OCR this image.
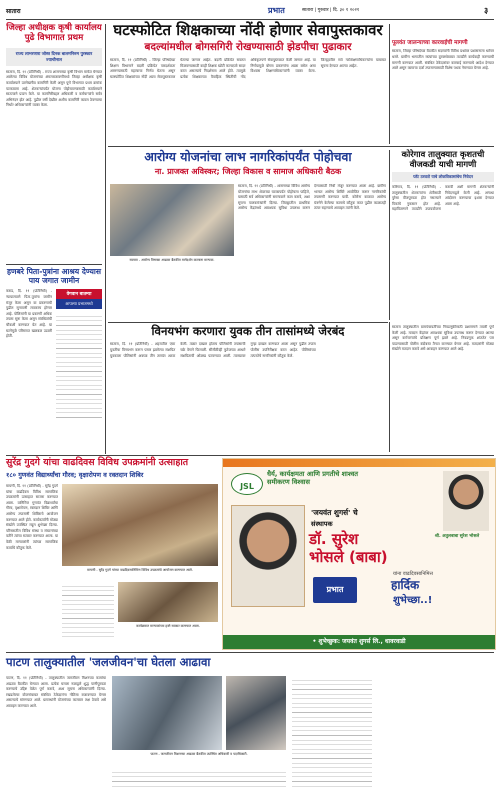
सातारा	प्रभात	सातारा | गुरुवार | दि. ३० १ २०२१	३
जिल्हा अधीक्षक कृषी कार्यालय पुढे विभागात प्रथम
राज्य लाभरणारा जोस्त दिनक बालमनिरुम पुरस्कार ज्याचीनाल
सातारा, दि. ११ (प्रतिनिधी) - राज्य शासनाच्या कृषी विभाग मार्फत घेण्यात आलेल्या विविध योजनांच्या अंमलबजावणीमध्ये जिल्हा अधीक्षक कृषी कार्यालयाने उल्लेखनीय कामगिरी केली असून पुणे विभागात प्रथम क्रमांक पटकावला आहे. शेतकऱ्यांपर्यंत योजना पोहोचवण्यासाठी कार्यालयाने सातत्याने प्रयत्न केले. या कामगिरीबद्दल अधिकारी व कर्मचाऱ्यांचे सर्वत्र अभिनंदन होत आहे. पुढील वर्षी देखील अशीच कामगिरी कायम ठेवण्याचा निर्धार अधिकाऱ्यांनी व्यक्त केला.
हणबरे पिता-पुत्रांना आश्रय देण्यास पाय जगात जामीन
कराड, दि. ११ (प्रतिनिधी) - न्यायालयाने पिता-पुत्रांना जामीन मंजूर केला असून या प्रकरणाची पुढील सुनावणी लवकरच होणार आहे. पोलिसांनी या प्रकरणी अधिक तपास सुरू केला असून संबंधितांची चौकशी करण्यात येत आहे. या घटनेमुळे परिसरात खळबळ उडाली होती.
वेगवान बातम्या
आपल्या प्रभातमध्ये
घटस्फोटित शिक्षकाच्या नोंदी होणार सेवापुस्तकावर
बदल्यांमधील बोगसगिरी रोखण्यासाठी झेडपीचा पुढाकार
सातारा, दि. ११ (प्रतिनिधी) - जिल्हा परिषदेच्या शिक्षण विभागाने बदली प्रक्रियेत पारदर्शकता आणण्यासाठी महत्त्वाचा निर्णय घेतला असून घटस्फोटित शिक्षकांच्या नोंदी आता सेवापुस्तकावर घेतल्या जाणार आहेत. बदली प्रक्रियेत सवलत मिळवण्यासाठी काही शिक्षक खोटी कागदपत्रे सादर करत असल्याचे निदर्शनास आले होते. त्यामुळे प्रत्येक शिक्षकाच्या वैवाहिक स्थितीची नोंद अधिकृतपणे सेवापुस्तकात केली जाणार आहे. या निर्णयामुळे बोगस प्रकरणांना आळा बसेल असा विश्वास शिक्षणाधिकाऱ्यांनी व्यक्त केला. जिल्ह्यातील सर्व गटशिक्षणाधिकाऱ्यांना याबाबत सूचना देण्यात आल्या आहेत.
पूलवंत जालन्याच्या कारवाईची मागणी
सातारा, जिल्हा परिषदेच्या बैठकीत सदस्यांनी विविध प्रश्नांवर प्रशासनाला धारेवर धरले. ग्रामीण भागातील रस्त्यांच्या दुरवस्थेबाबत तातडीने कार्यवाही करण्याची मागणी करण्यात आली. संबंधित ठेकेदारांवर कारवाई करण्याचे आदेश देण्यात आले असून कामाचा दर्जा तपासण्यासाठी विशेष पथक नेमण्यात येणार आहे.
आरोग्य योजनांचा लाभ नागरिकांपर्यंत पोहोचवा
ना. प्राजक्त अविस्कर; जिल्हा विकास व सामाज अधिकारी बैठक
सातारा - आरोग्य विषयक आढावा बैठकीत मार्गदर्शन करताना मान्यवर.
सातारा, दि. ११ (प्रतिनिधी) - शासनाच्या विविध आरोग्य योजनांचा लाभ शेवटच्या घटकापर्यंत पोहोचला पाहिजे, यासाठी सर्व अधिकाऱ्यांनी समन्वयाने काम करावे, अशा सूचना पालकमंत्र्यांनी दिल्या. जिल्ह्यातील प्राथमिक आरोग्य केंद्रांमध्ये आवश्यक सुविधा उपलब्ध करून देण्यासाठी निधी मंजूर करण्यात आला आहे. ग्रामीण भागात आरोग्य शिबिरे आयोजित करून नागरिकांची तपासणी करण्यात यावी. कोरोना काळात आरोग्य यंत्रणेने केलेल्या कामाचे कौतुक करत पुढील काळातही तत्पर राहण्याचे आवाहन त्यांनी केले.
कोरेगाव तालुक्यात कृशतची वीजकडी याची मागणी
प्लॅट ठरवतो याचे लोकविकासांचेच निवेदन
कोरेगाव, दि. ११ (प्रतिनिधी) - तालुक्यातील शेतकऱ्यांना शेतीसाठी पुरेसा वीजपुरवठा होत नसल्याने पिकांचे नुकसान होत आहे. महावितरणने तातडीने उपाययोजना करावी अशी मागणी शेतकऱ्यांनी निवेदनाद्वारे केली आहे. अन्यथा आंदोलन करण्याचा इशारा देण्यात आला आहे.
विनयभंग करणारा युवक तीन तासांमध्ये जेरबंद
सातारा, दि. ११ (प्रतिनिधी) - शहरातील एका युवतीचा विनयभंग करून पसार झालेल्या संशयित युवकाला पोलिसांनी अवघ्या तीन तासांत अटक केली. तक्रार दाखल होताच पोलिसांनी तपासाची चक्रे वेगाने फिरवली. सीसीटीव्ही फुटेजच्या आधारे संशयिताची ओळख पटवण्यात आली. त्याच्यावर गुन्हा दाखल करण्यात आला असून पुढील तपास पोलीस उपनिरीक्षक करत आहेत. पोलिसांच्या तत्परतेचे नागरिकांनी कौतुक केले.
सातारा तालुक्यातील ग्रामपंचायतींच्या निवडणुकीसाठी प्रशासनाने तयारी पूर्ण केली आहे. मतदान केंद्रांवर आवश्यक सुविधा उपलब्ध करून देण्यात आल्या असून कर्मचाऱ्यांचे प्रशिक्षण पूर्ण झाले आहे. निवडणूक शांततेत पार पाडण्यासाठी पोलीस बंदोबस्त तैनात करण्यात येणार आहे. मतदारांनी मोठ्या संख्येने मतदान करावे असे आवाहन करण्यात आले आहे.
सुरेंद्र गुदगे यांचा वाढदिवस विविध उपक्रमांनी उत्साहात
१८० गुणवंत विद्यार्थ्यांचा गौरव; वृक्षारोपण व रक्तदान शिबिर
मायणी - सुरेंद्र गुदगे यांच्या वाढदिवसानिमित्त विविध उपक्रमांचे आयोजन करण्यात आले.
कार्यक्रमात मान्यवरांच्या हस्ते सत्कार करण्यात आला.
मायणी, दि. ११ (प्रतिनिधी) - सुरेंद्र गुदगे यांचा वाढदिवस विविध सामाजिक उपक्रमांनी उत्साहात साजरा करण्यात आला. यानिमित्त गुणवंत विद्यार्थ्यांचा गौरव, वृक्षारोपण, रक्तदान शिबिर आणि आरोग्य तपासणी शिबिराचे आयोजन करण्यात आले होते. कार्यकर्त्यांनी मोठ्या संख्येने उपस्थित राहून शुभेच्छा दिल्या. परिसरातील विविध संस्था व संघटनांच्या वतीने त्यांचा सत्कार करण्यात आला. या वेळी मान्यवरांनी त्यांच्या सामाजिक कार्याचे कौतुक केले.
JSL
धैर्य, कार्यक्षमता आणि प्रगतीचे शाश्वत समीकरण विश्वास
'जयवंत शुगर्स' चे
संस्थापक
डॉ. सुरेश
भोसले (बाबा)
यांना वाढदिवसानिमित्त
हार्दिक
शुभेच्छा..!
श्री. अतुलबाबा सुरेश भोसले
प्रभात
• शुभेच्छुक: जयवंत शुगर्स लि., धावरवाडी
पाटण तालुक्यातील 'जलजीवन'चा घेतला आढावा
पाटण, दि. ११ (प्रतिनिधी) - तालुक्यातील जलजीवन मिशनच्या कामांचा आढावा बैठकीत घेण्यात आला. प्रत्येक घराला नळाद्वारे शुद्ध पाणीपुरवठा करण्याचे उद्दिष्ट वेळेत पूर्ण करावे, अशा सूचना अधिकाऱ्यांनी दिल्या. रखडलेल्या योजनांबाबत संबंधित ठेकेदारांना नोटिसा बजावण्यात येणार असल्याचे सांगण्यात आले. ग्रामस्थांनी योजनांच्या कामावर लक्ष ठेवावे असे आवाहन करण्यात आले.
पाटण - जलजीवन मिशनच्या आढावा बैठकीत उपस्थित अधिकारी व पदाधिकारी.
